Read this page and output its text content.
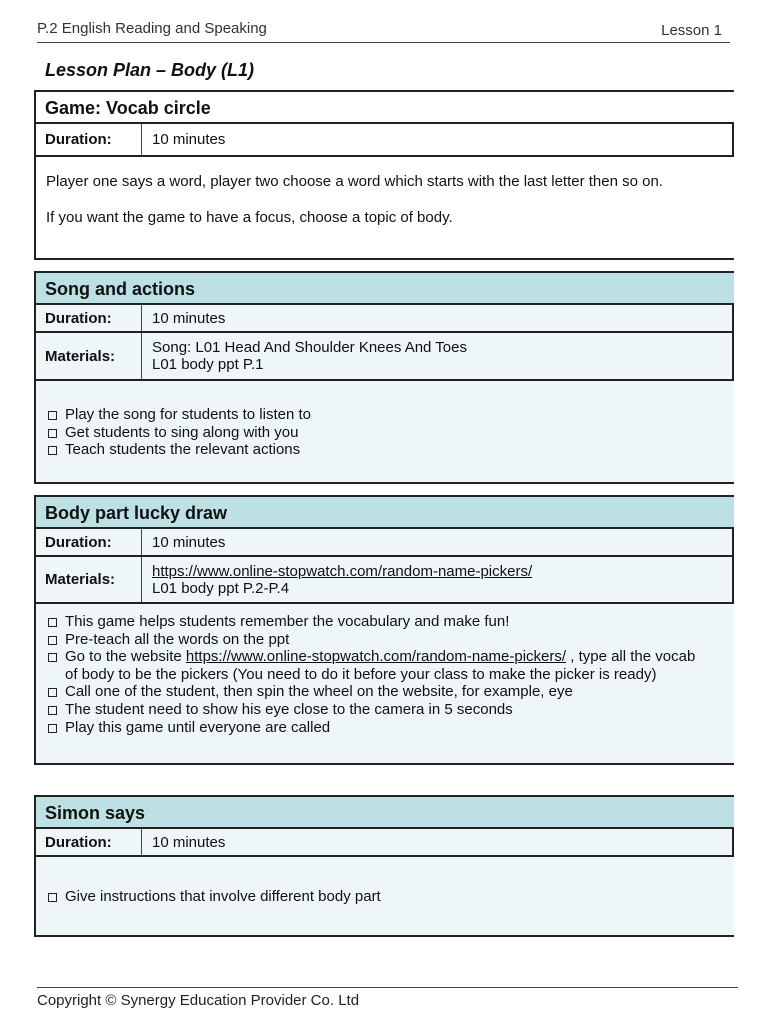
P.2 English Reading and Speaking	Lesson 1
Lesson Plan – Body (L1)
Game: Vocab circle
Duration:	10 minutes

Player one says a word, player two choose a word which starts with the last letter then so on.

If you want the game to have a focus, choose a topic of body.

Song and actions
Duration:	10 minutes
Materials:	Song: L01 Head And Shoulder Knees And Toes
L01 body ppt P.1
Play the song for students to listen to
Get students to sing along with you
Teach students the relevant actions
Body part lucky draw
Duration:	10 minutes
Materials:	https://www.online-stopwatch.com/random-name-pickers/
L01 body ppt P.2-P.4
This game helps students remember the vocabulary and make fun!
Pre-teach all the words on the ppt
Go to the website https://www.online-stopwatch.com/random-name-pickers/ , type all the vocab of body to be the pickers (You need to do it before your class to make the picker is ready)
Call one of the student, then spin the wheel on the website, for example, eye
The student need to show his eye close to the camera in 5 seconds
Play this game until everyone are called
Simon says
Duration:	10 minutes
Give instructions that involve different body part
Copyright © Synergy Education Provider Co. Ltd
